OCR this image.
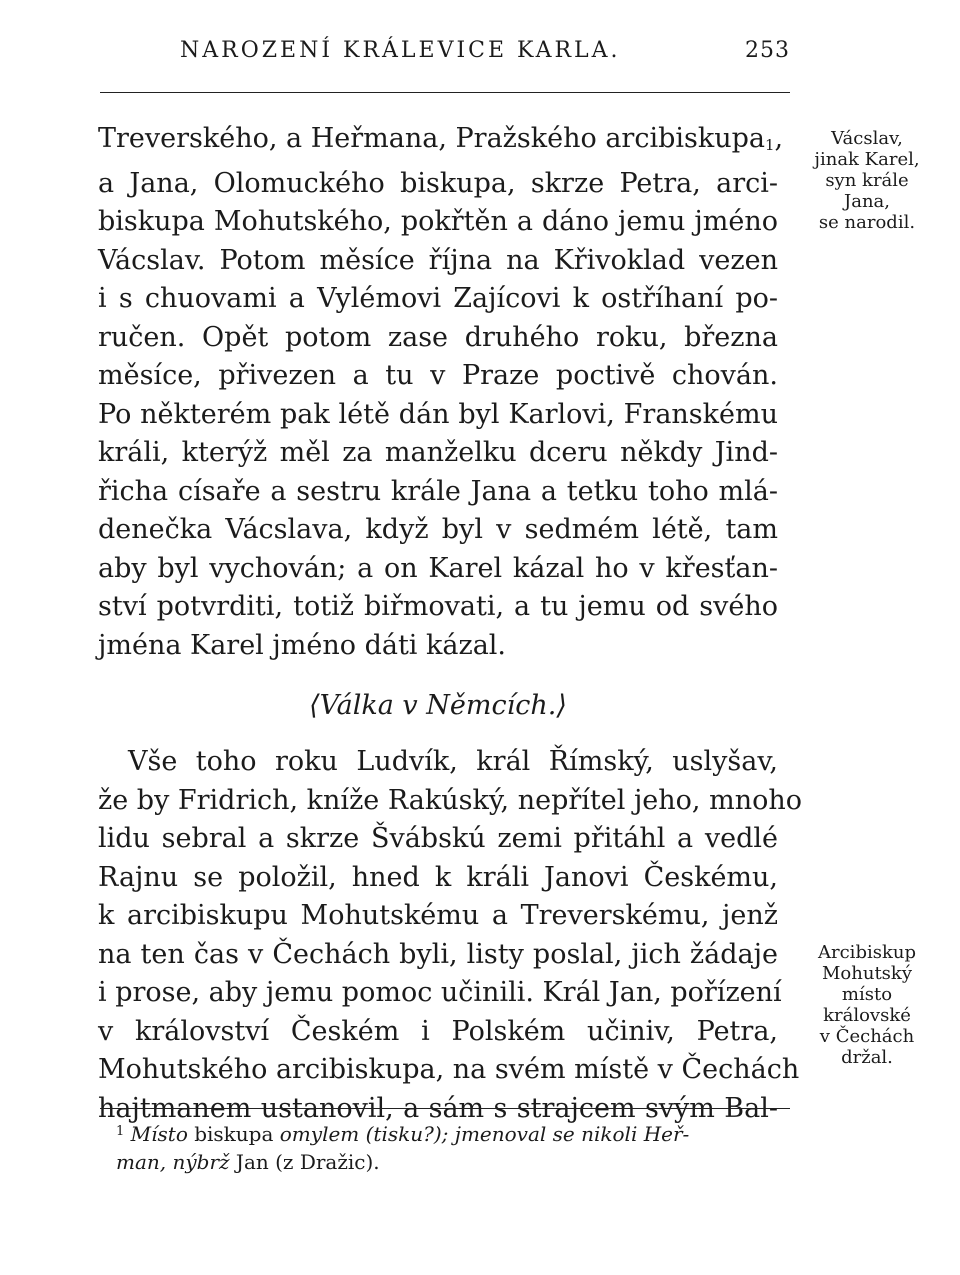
NAROZENÍ KRÁLEVICE KARLA.	253

Treverského, a Heřmana, Pražského arcibiskupa$_1$,
a Jana, Olomuckého biskupa, skrze Petra, arci-
biskupa Mohutského, pokřtěn a dáno jemu jméno
Vácslav. Potom měsíce října na Křivoklad vezen
i s chuovami a Vylémovi Zajícovi k ostříhaní po-
ručen. Opět potom zase druhého roku, března
měsíce, přivezen a tu v Praze poctivě chován.
Po některém pak létě dán byl Karlovi, Franskému
králi, kterýž měl za manželku dceru někdy Jind-
řicha císaře a sestru krále Jana a tetku toho mlá-
denečka Vácslava, když byl v sedmém létě, tam
aby byl vychován; a on Karel kázal ho v křesťan-
ství potvrditi, totiž biřmovati, a tu jemu od svého
jména Karel jméno dáti kázal.

⟨Válka v Němcích.⟩

Vše toho roku Ludvík, král Římský, uslyšav,
že by Fridrich, kníže Rakúský, nepřítel jeho, mnoho
lidu sebral a skrze Švábskú zemi přitáhl a vedlé
Rajnu se položil, hned k králi Janovi Českému,
k arcibiskupu Mohutskému a Treverskému, jenž
na ten čas v Čechách byli, listy poslal, jich žádaje
i prose, aby jemu pomoc učinili. Král Jan, pořízení
v království Českém i Polském učiniv, Petra,
Mohutského arcibiskupa, na svém místě v Čechách
hajtmanem ustanovil, a sám s strajcem svým Bal-

Vácslav,
jinak Karel,
syn krále
Jana,
se narodil.
Arcibiskup
Mohutský
místo
královské
v Čechách
držal.
$^1$ Místo biskupa omylem (tisku?); jmenoval se nikoli Heř-
man, nýbrž Jan (z Dražic).
